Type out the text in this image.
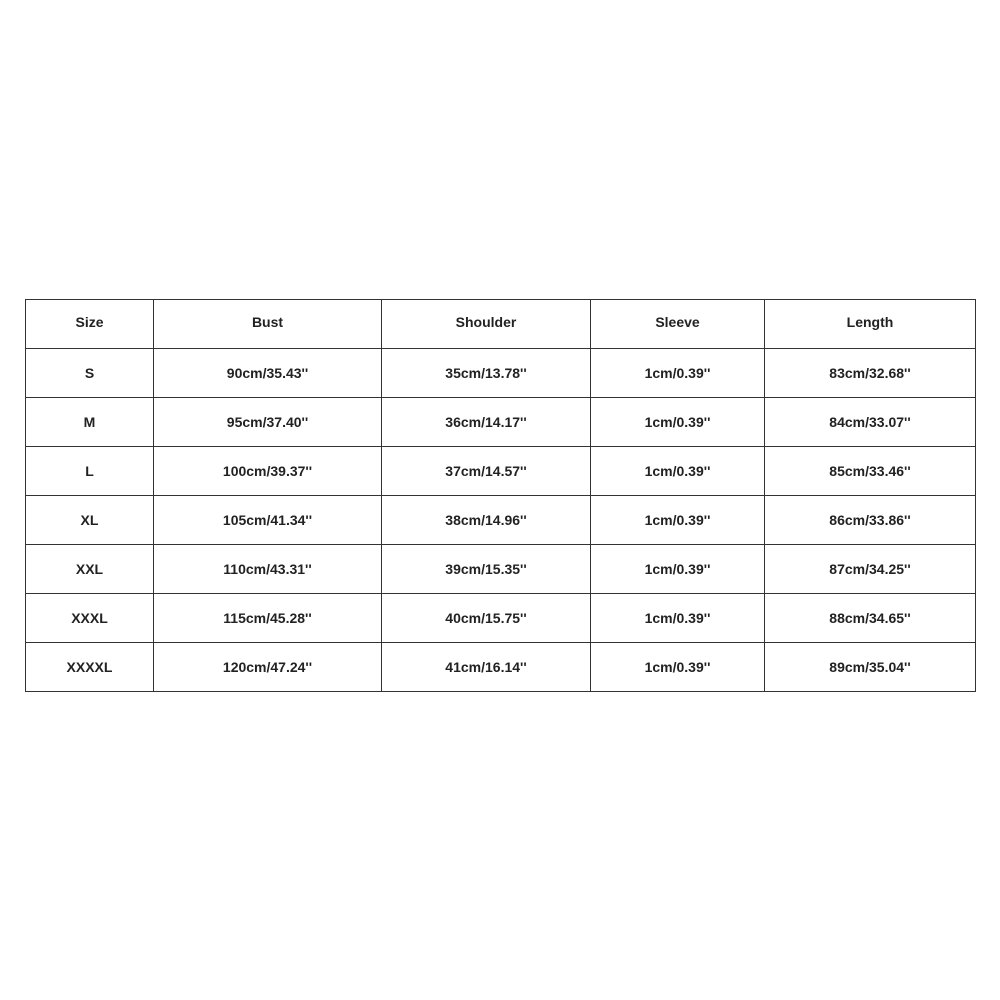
Size	Bust	Shoulder	Sleeve	Length
S	90cm/35.43''	35cm/13.78''	1cm/0.39''	83cm/32.68''
M	95cm/37.40''	36cm/14.17''	1cm/0.39''	84cm/33.07''
L	100cm/39.37''	37cm/14.57''	1cm/0.39''	85cm/33.46''
XL	105cm/41.34''	38cm/14.96''	1cm/0.39''	86cm/33.86''
XXL	110cm/43.31''	39cm/15.35''	1cm/0.39''	87cm/34.25''
XXXL	115cm/45.28''	40cm/15.75''	1cm/0.39''	88cm/34.65''
XXXXL	120cm/47.24''	41cm/16.14''	1cm/0.39''	89cm/35.04''
